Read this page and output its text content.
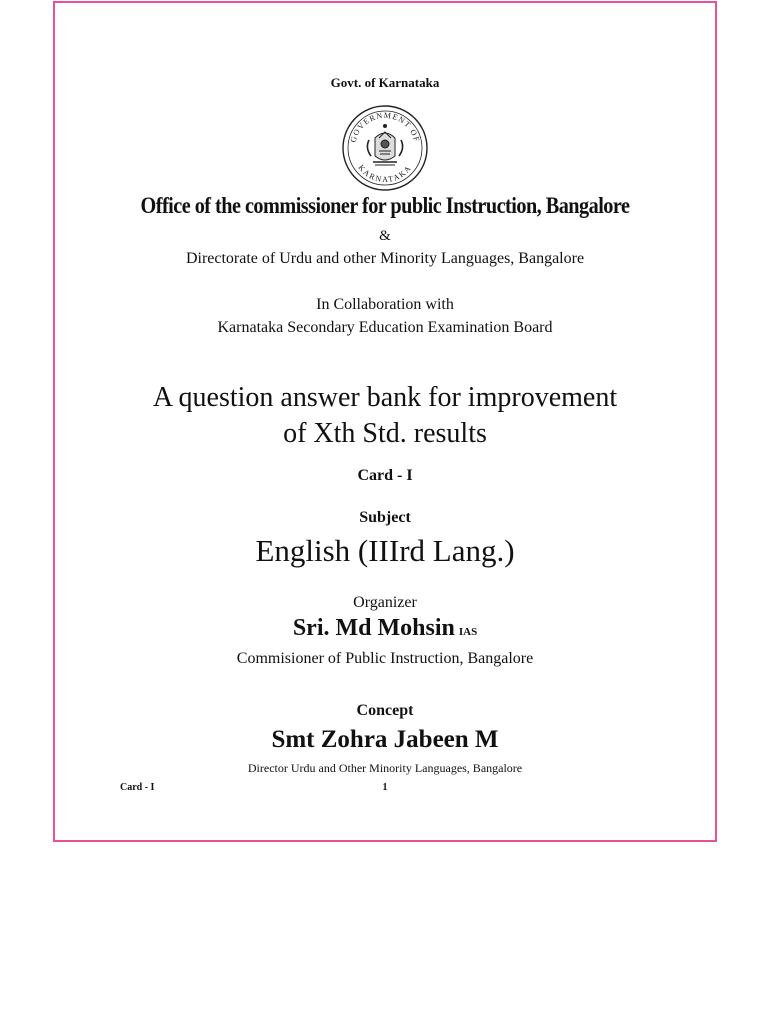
Govt. of Karnataka
GOVERNMENT OF
KARNATAKA
Office of the commissioner for public Instruction, Bangalore
&
Directorate of Urdu and other Minority Languages, Bangalore
In Collaboration with
Karnataka Secondary Education Examination Board
A question answer bank for improvement
of Xth Std. results
Card - I
Subject
English (IIIrd Lang.)
Organizer
Sri. Md Mohsin IAS
Commisioner of Public Instruction, Bangalore
Concept
Smt Zohra Jabeen M
Director Urdu and Other Minority Languages, Bangalore
Card - I	1
